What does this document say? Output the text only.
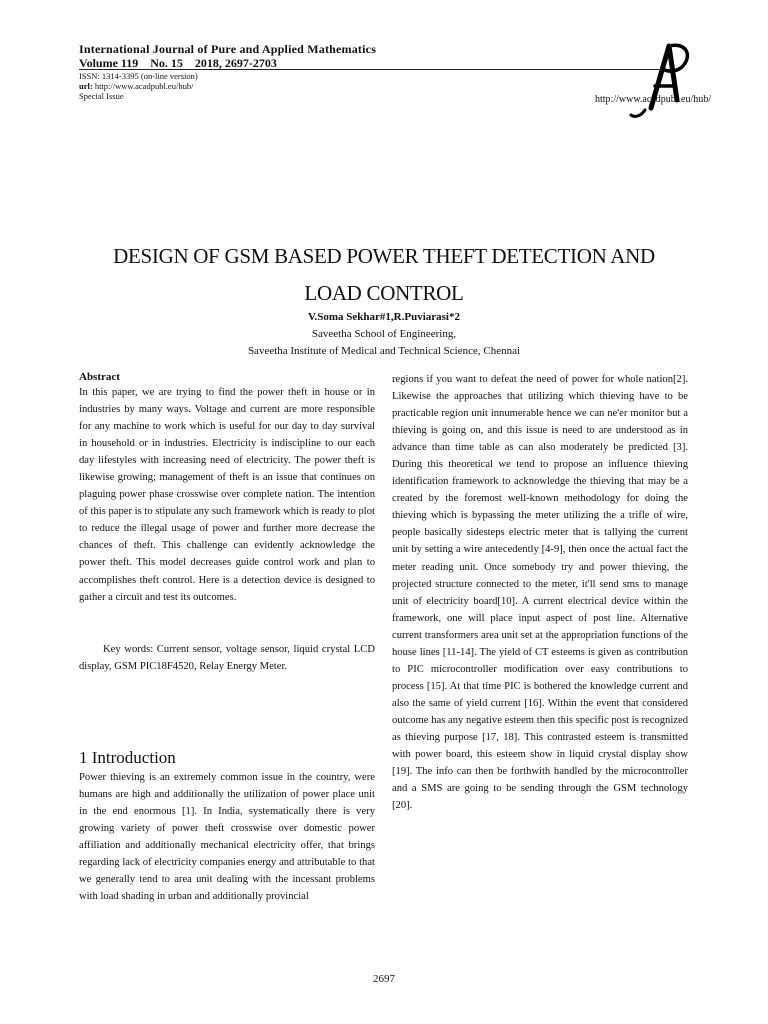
International Journal of Pure and Applied Mathematics
Volume 119    No. 15    2018, 2697-2703
ISSN: 1314-3395 (on-line version)
url: http://www.acadpubl.eu/hub/
Special Issue	http://www.acadpubl.eu/hub/
DESIGN OF GSM BASED POWER THEFT DETECTION AND
LOAD CONTROL
V.Soma Sekhar#1,R.Puviarasi*2
Saveetha School of Engineering,
Saveetha Institute of Medical and Technical Science, Chennai
Abstract

In this paper, we are trying to find the power theft in house or in industries by many ways. Voltage and current are more responsible for any machine to work which is useful for our day to day survival in household or in industries. Electricity is indiscipline to our each day lifestyles with increasing need of electricity. The power theft is likewise growing; management of theft is an issue that continues on plaguing power phase crosswise over complete nation. The intention of this paper is to stipulate any such framework which is ready to plot to reduce the illegal usage of power and further more decrease the chances of theft. This challenge can evidently acknowledge the power theft. This model decreases guide control work and plan to accomplishes theft control. Here is a detection device is designed to gather a circuit and test its outcomes.

Key words: Current sensor, voltage sensor, liquid crystal LCD display, GSM PIC18F4520, Relay Energy Meter.
1 Introduction

Power thieving is an extremely common issue in the country, were humans are high and additionally the utilization of power place unit in the end enormous [1]. In India, systematically there is very growing variety of power theft crosswise over domestic power affiliation and additionally mechanical electricity offer, that brings regarding lack of electricity companies energy and attributable to that we generally tend to area unit dealing with the incessant problems with load shading in urban and additionally provincial

regions if you want to defeat the need of power for whole nation[2]. Likewise the approaches that utilizing which thieving have to be practicable region unit innumerable hence we can ne'er monitor but a thieving is going on, and this issue is need to are understood as in advance than time table as can also moderately be predicted [3]. During this theoretical we tend to propose an influence thieving identification framework to acknowledge the thieving that may be a created by the foremost well-known methodology for doing the thieving which is bypassing the meter utilizing the a trifle of wire, people basically sidesteps electric meter that is tallying the current unit by setting a wire antecedently [4-9], then once the actual fact the meter reading unit. Once somebody try and power thieving, the projected structure connected to the meter, it'll send sms to manage unit of electricity board[10]. A current electrical device within the framework, one will place input aspect of post line. Alternative current transformers area unit set at the appropriation functions of the house lines [11-14]. The yield of CT esteems is given as contribution to PIC microcontroller modification over easy contributions to process [15]. At that time PIC is bothered the knowledge current and also the same of yield current [16]. Within the event that considered outcome has any negative esteem then this specific post is recognized as thieving purpose [17, 18]. This contrasted esteem is transmitted with power board, this esteem show in liquid crystal display show [19]. The info can then be forthwith handled by the microcontroller and a SMS are going to be sending through the GSM technology [20].

2697
